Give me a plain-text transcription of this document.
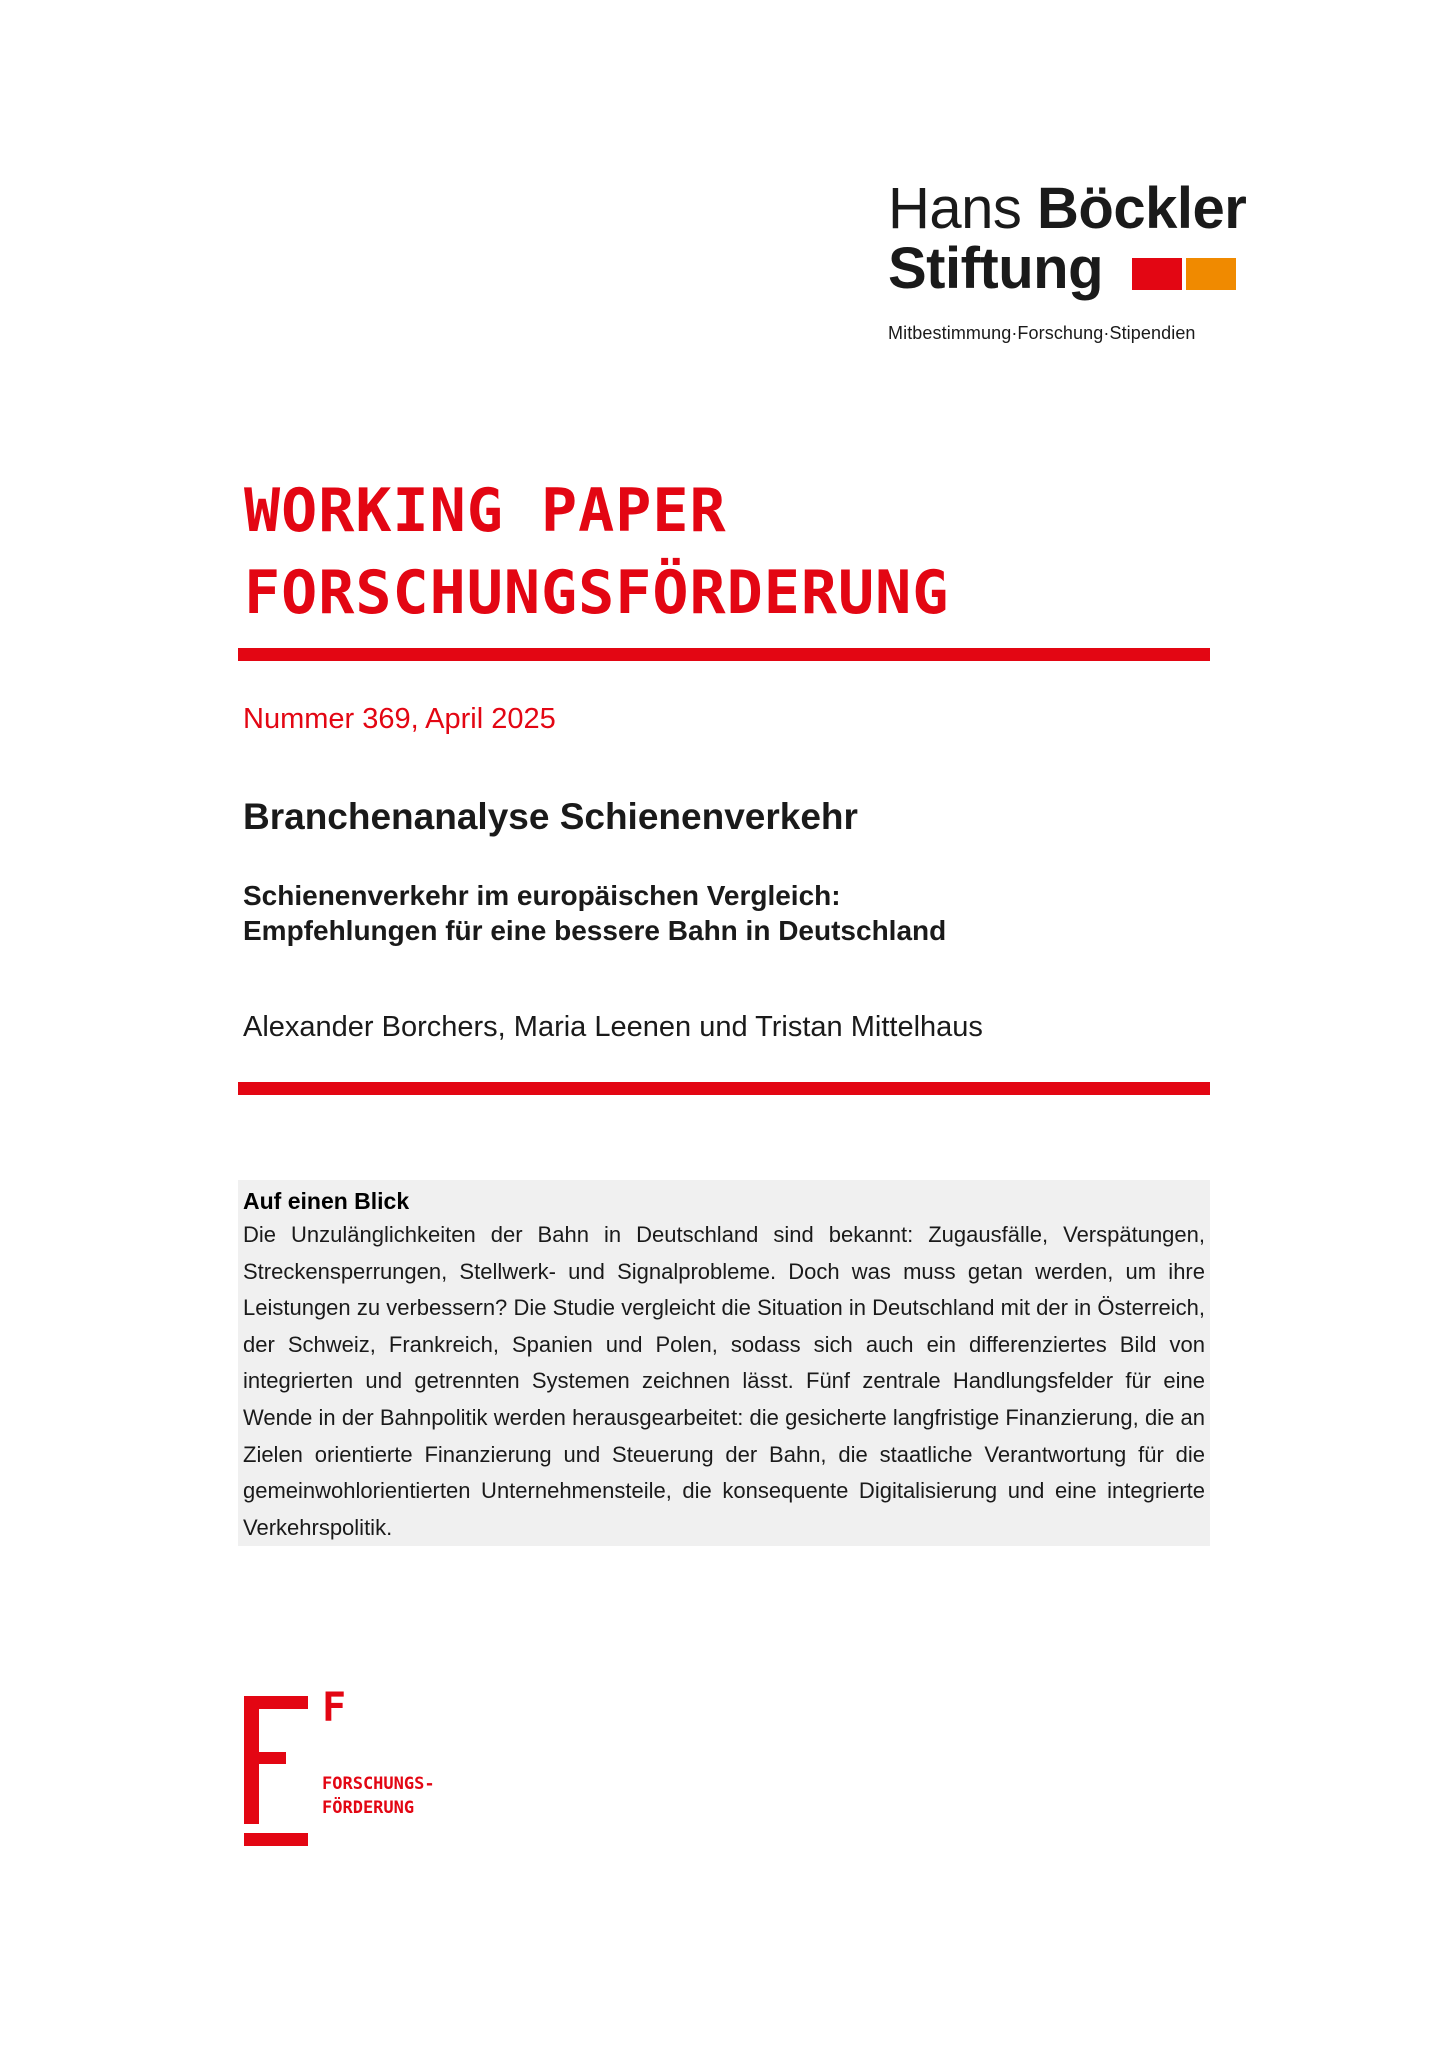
Hans Böckler
Stiftung
Mitbestimmung·Forschung·Stipendien
WORKING PAPER
FORSCHUNGSFÖRDERUNG
Nummer 369, April 2025
Branchenanalyse Schienenverkehr
Schienenverkehr im europäischen Vergleich:
Empfehlungen für eine bessere Bahn in Deutschland
Alexander Borchers, Maria Leenen und Tristan Mittelhaus

Auf einen Blick

Die Unzulänglichkeiten der Bahn in Deutschland sind bekannt: Zugausfälle, Verspätungen, Streckensperrungen, Stellwerk- und Signalprobleme. Doch was muss getan werden, um ihre Leistungen zu verbessern? Die Studie vergleicht die Situation in Deutschland mit der in Österreich, der Schweiz, Frankreich, Spanien und Polen, sodass sich auch ein differenziertes Bild von integrierten und getrennten Systemen zeichnen lässt. Fünf zentrale Handlungsfelder für eine Wende in der Bahnpolitik werden herausgearbeitet: die gesicherte langfristige Finanzierung, die an Zielen orientierte Finanzierung und Steuerung der Bahn, die staatliche Verantwortung für die gemeinwohlorientierten Unternehmensteile, die konsequente Digitalisierung und eine integrierte Verkehrspolitik.

F
FORSCHUNGS-
FÖRDERUNG
